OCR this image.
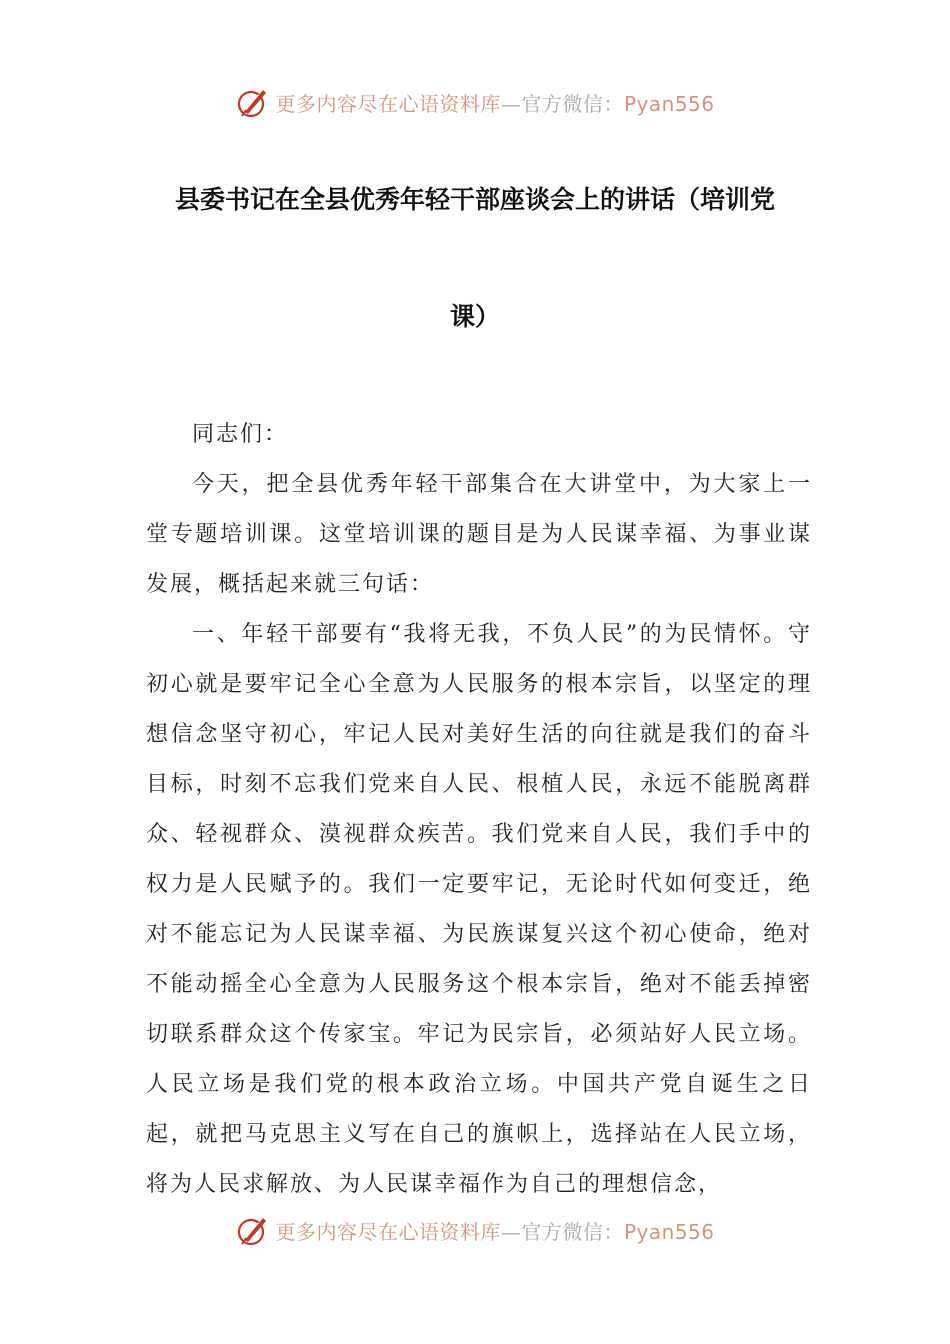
更多内容尽在心语资料库—官方微信：Pyan556
县委书记在全县优秀年轻干部座谈会上的讲话（培训党
课）

同志们：

今天，把全县优秀年轻干部集合在大讲堂中，为大家上一堂专题培训课。这堂培训课的题目是为人民谋幸福、为事业谋发展，概括起来就三句话：

一、年轻干部要有“我将无我，不负人民”的为民情怀。守初心就是要牢记全心全意为人民服务的根本宗旨，以坚定的理想信念坚守初心，牢记人民对美好生活的向往就是我们的奋斗目标，时刻不忘我们党来自人民、根植人民，永远不能脱离群众、轻视群众、漠视群众疾苦。我们党来自人民，我们手中的权力是人民赋予的。我们一定要牢记，无论时代如何变迁，绝对不能忘记为人民谋幸福、为民族谋复兴这个初心使命，绝对不能动摇全心全意为人民服务这个根本宗旨，绝对不能丢掉密切联系群众这个传家宝。牢记为民宗旨，必须站好人民立场。人民立场是我们党的根本政治立场。中国共产党自诞生之日起，就把马克思主义写在自己的旗帜上，选择站在人民立场，将为人民求解放、为人民谋幸福作为自己的理想信念，

更多内容尽在心语资料库—官方微信：Pyan556
